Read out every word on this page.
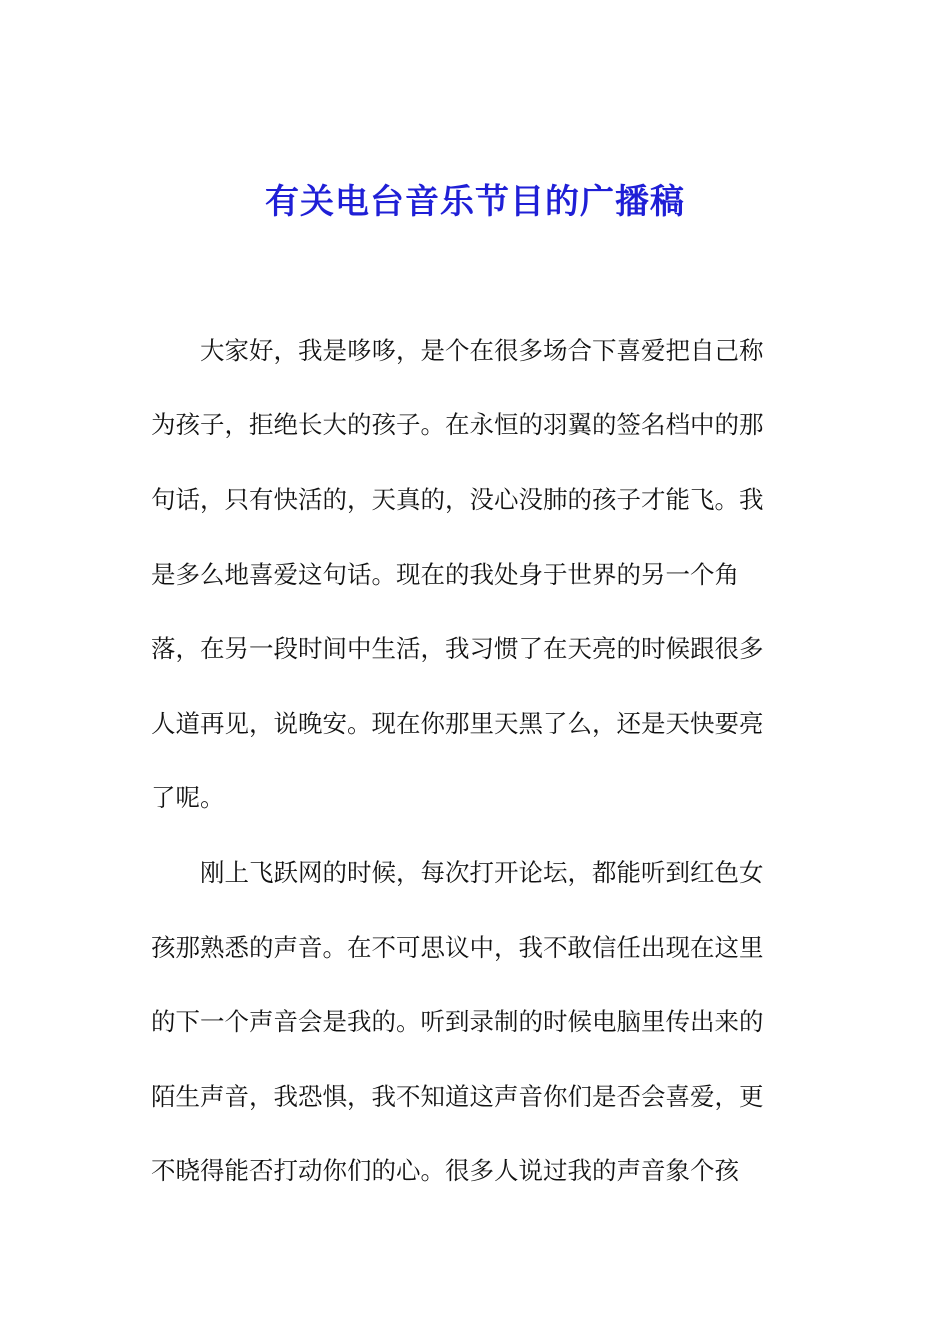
有关电台音乐节目的广播稿
　　大家好，我是哆哆，是个在很多场合下喜爱把自己称
为孩子，拒绝长大的孩子。在永恒的羽翼的签名档中的那
句话，只有快活的，天真的，没心没肺的孩子才能飞。我
是多么地喜爱这句话。现在的我处身于世界的另一个角
落，在另一段时间中生活，我习惯了在天亮的时候跟很多
人道再见，说晚安。现在你那里天黑了么，还是天快要亮
了呢。
　　刚上飞跃网的时候，每次打开论坛，都能听到红色女
孩那熟悉的声音。在不可思议中，我不敢信任出现在这里
的下一个声音会是我的。听到录制的时候电脑里传出来的
陌生声音，我恐惧，我不知道这声音你们是否会喜爱，更
不晓得能否打动你们的心。很多人说过我的声音象个孩
